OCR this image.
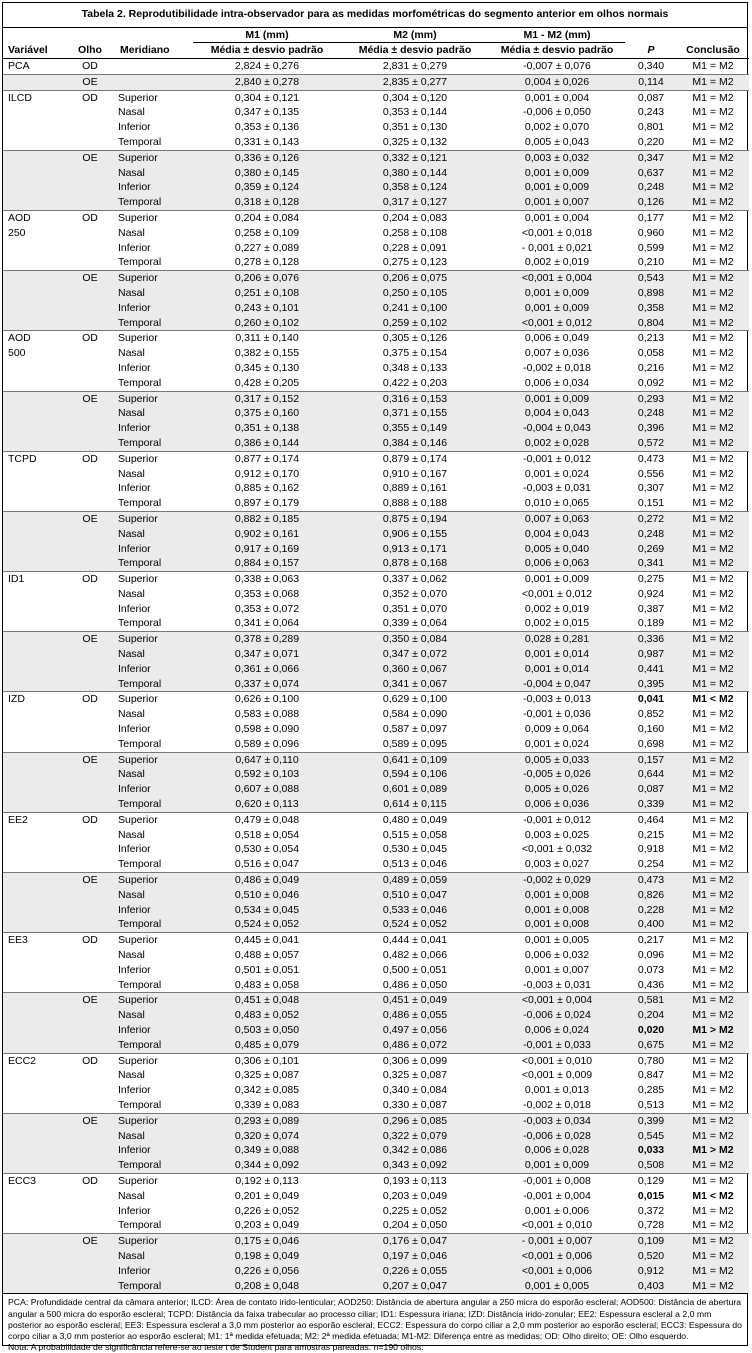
Tabela 2. Reprodutibilidade intra-observador para as medidas morfométricas do segmento anterior em olhos normais
			M1 (mm)	M2 (mm)	M1 - M2 (mm)		
Variável	Olho	Meridiano	Média ± desvio padrão	Média ± desvio padrão	Média ± desvio padrão	P	Conclusão
PCA	OD		2,824 ± 0,276	2,831 ± 0,279	-0,007 ± 0,076	0,340	M1 = M2
	OE		2,840 ± 0,278	2,835 ± 0,277	0,004 ± 0,026	0,114	M1 = M2
ILCD	OD	Superior	0,304 ± 0,121	0,304 ± 0,120	0,001 ± 0,004	0,087	M1 = M2
		Nasal	0,347 ± 0,135	0,353 ± 0,144	-0,006 ± 0,050	0,243	M1 = M2
		Inferior	0,353 ± 0,136	0,351 ± 0,130	0,002 ± 0,070	0,801	M1 = M2
		Temporal	0,331 ± 0,143	0,325 ± 0,132	0,005 ± 0,043	0,220	M1 = M2
	OE	Superior	0,336 ± 0,126	0,332 ± 0,121	0,003 ± 0,032	0,347	M1 = M2
		Nasal	0,380 ± 0,145	0,380 ± 0,144	0,001 ± 0,009	0,637	M1 = M2
		Inferior	0,359 ± 0,124	0,358 ± 0,124	0,001 ± 0,009	0,248	M1 = M2
		Temporal	0,318 ± 0,128	0,317 ± 0,127	0,001 ± 0,007	0,126	M1 = M2
AOD	OD	Superior	0,204 ± 0,084	0,204 ± 0,083	0,001 ± 0,004	0,177	M1 = M2
250		Nasal	0,258 ± 0,109	0,258 ± 0,108	<0,001 ± 0,018	0,960	M1 = M2
		Inferior	0,227 ± 0,089	0,228 ± 0,091	- 0,001 ± 0,021	0,599	M1 = M2
		Temporal	0,278 ± 0,128	0,275 ± 0,123	0,002 ± 0,019	0,210	M1 = M2
	OE	Superior	0,206 ± 0,076	0,206 ± 0,075	<0,001 ± 0,004	0,543	M1 = M2
		Nasal	0,251 ± 0,108	0,250 ± 0,105	0,001 ± 0,009	0,898	M1 = M2
		Inferior	0,243 ± 0,101	0,241 ± 0,100	0,001 ± 0,009	0,358	M1 = M2
		Temporal	0,260 ± 0,102	0,259 ± 0,102	<0,001 ± 0,012	0,804	M1 = M2
AOD	OD	Superior	0,311 ± 0,140	0,305 ± 0,126	0,006 ± 0,049	0,213	M1 = M2
500		Nasal	0,382 ± 0,155	0,375 ± 0,154	0,007 ± 0,036	0,058	M1 = M2
		Inferior	0,345 ± 0,130	0,348 ± 0,133	-0,002 ± 0,018	0,216	M1 = M2
		Temporal	0,428 ± 0,205	0,422 ± 0,203	0,006 ± 0,034	0,092	M1 = M2
	OE	Superior	0,317 ± 0,152	0,316 ± 0,153	0,001 ± 0,009	0,293	M1 = M2
		Nasal	0,375 ± 0,160	0,371 ± 0,155	0,004 ± 0,043	0,248	M1 = M2
		Inferior	0,351 ± 0,138	0,355 ± 0,149	-0,004 ± 0,043	0,396	M1 = M2
		Temporal	0,386 ± 0,144	0,384 ± 0,146	0,002 ± 0,028	0,572	M1 = M2
TCPD	OD	Superior	0,877 ± 0,174	0,879 ± 0,174	-0,001 ± 0,012	0,473	M1 = M2
		Nasal	0,912 ± 0,170	0,910 ± 0,167	0,001 ± 0,024	0,556	M1 = M2
		Inferior	0,885 ± 0,162	0,889 ± 0,161	-0,003 ± 0,031	0,307	M1 = M2
		Temporal	0,897 ± 0,179	0,888 ± 0,188	0,010 ± 0,065	0,151	M1 = M2
	OE	Superior	0,882 ± 0,185	0,875 ± 0,194	0,007 ± 0,063	0,272	M1 = M2
		Nasal	0,902 ± 0,161	0,906 ± 0,155	0,004 ± 0,043	0,248	M1 = M2
		Inferior	0,917 ± 0,169	0,913 ± 0,171	0,005 ± 0,040	0,269	M1 = M2
		Temporal	0,884 ± 0,157	0,878 ± 0,168	0,006 ± 0,063	0,341	M1 = M2
ID1	OD	Superior	0,338 ± 0,063	0,337 ± 0,062	0,001 ± 0,009	0,275	M1 = M2
		Nasal	0,353 ± 0,068	0,352 ± 0,070	<0,001 ± 0,012	0,924	M1 = M2
		Inferior	0,353 ± 0,072	0,351 ± 0,070	0,002 ± 0,019	0,387	M1 = M2
		Temporal	0,341 ± 0,064	0,339 ± 0,064	0,002 ± 0,015	0,189	M1 = M2
	OE	Superior	0,378 ± 0,289	0,350 ± 0,084	0,028 ± 0,281	0,336	M1 = M2
		Nasal	0,347 ± 0,071	0,347 ± 0,072	0,001 ± 0,014	0,987	M1 = M2
		Inferior	0,361 ± 0,066	0,360 ± 0,067	0,001 ± 0,014	0,441	M1 = M2
		Temporal	0,337 ± 0,074	0,341 ± 0,067	-0,004 ± 0,047	0,395	M1 = M2
IZD	OD	Superior	0,626 ± 0,100	0,629 ± 0,100	-0,003 ± 0,013	0,041	M1 < M2
		Nasal	0,583 ± 0,088	0,584 ± 0,090	-0,001 ± 0,036	0,852	M1 = M2
		Inferior	0,598 ± 0,090	0,587 ± 0,097	0,009 ± 0,064	0,160	M1 = M2
		Temporal	0,589 ± 0,096	0,589 ± 0,095	0,001 ± 0,024	0,698	M1 = M2
	OE	Superior	0,647 ± 0,110	0,641 ± 0,109	0,005 ± 0,033	0,157	M1 = M2
		Nasal	0,592 ± 0,103	0,594 ± 0,106	-0,005 ± 0,026	0,644	M1 = M2
		Inferior	0,607 ± 0,088	0,601 ± 0,089	0,005 ± 0,026	0,087	M1 = M2
		Temporal	0,620 ± 0,113	0,614 ± 0,115	0,006 ± 0,036	0,339	M1 = M2
EE2	OD	Superior	0,479 ± 0,048	0,480 ± 0,049	-0,001 ± 0,012	0,464	M1 = M2
		Nasal	0,518 ± 0,054	0,515 ± 0,058	0,003 ± 0,025	0,215	M1 = M2
		Inferior	0,530 ± 0,054	0,530 ± 0,045	<0,001 ± 0,032	0,918	M1 = M2
		Temporal	0,516 ± 0,047	0,513 ± 0,046	0,003 ± 0,027	0,254	M1 = M2
	OE	Superior	0,486 ± 0,049	0,489 ± 0,059	-0,002 ± 0,029	0,473	M1 = M2
		Nasal	0,510 ± 0,046	0,510 ± 0,047	0,001 ± 0,008	0,826	M1 = M2
		Inferior	0,534 ± 0,045	0,533 ± 0,046	0,001 ± 0,008	0,228	M1 = M2
		Temporal	0,524 ± 0,052	0,524 ± 0,052	0,001 ± 0,008	0,400	M1 = M2
EE3	OD	Superior	0,445 ± 0,041	0,444 ± 0,041	0,001 ± 0,005	0,217	M1 = M2
		Nasal	0,488 ± 0,057	0,482 ± 0,066	0,006 ± 0,032	0,096	M1 = M2
		Inferior	0,501 ± 0,051	0,500 ± 0,051	0,001 ± 0,007	0,073	M1 = M2
		Temporal	0,483 ± 0,058	0,486 ± 0,050	-0,003 ± 0,031	0,436	M1 = M2
	OE	Superior	0,451 ± 0,048	0,451 ± 0,049	<0,001 ± 0,004	0,581	M1 = M2
		Nasal	0,483 ± 0,052	0,486 ± 0,055	-0,006 ± 0,024	0,204	M1 = M2
		Inferior	0,503 ± 0,050	0,497 ± 0,056	0,006 ± 0,024	0,020	M1 > M2
		Temporal	0,485 ± 0,079	0,486 ± 0,072	-0,001 ± 0,033	0,675	M1 = M2
ECC2	OD	Superior	0,306 ± 0,101	0,306 ± 0,099	<0,001 ± 0,010	0,780	M1 = M2
		Nasal	0,325 ± 0,087	0,325 ± 0,087	<0,001 ± 0,009	0,847	M1 = M2
		Inferior	0,342 ± 0,085	0,340 ± 0,084	0,001 ± 0,013	0,285	M1 = M2
		Temporal	0,339 ± 0,083	0,330 ± 0,087	-0,002 ± 0,018	0,513	M1 = M2
	OE	Superior	0,293 ± 0,089	0,296 ± 0,085	-0,003 ± 0,034	0,399	M1 = M2
		Nasal	0,320 ± 0,074	0,322 ± 0,079	-0,006 ± 0,028	0,545	M1 = M2
		Inferior	0,349 ± 0,088	0,342 ± 0,086	0,006 ± 0,028	0,033	M1 > M2
		Temporal	0,344 ± 0,092	0,343 ± 0,092	0,001 ± 0,009	0,508	M1 = M2
ECC3	OD	Superior	0,192 ± 0,113	0,193 ± 0,113	-0,001 ± 0,008	0,129	M1 = M2
		Nasal	0,201 ± 0,049	0,203 ± 0,049	-0,001 ± 0,004	0,015	M1 < M2
		Inferior	0,226 ± 0,052	0,225 ± 0,052	0,001 ± 0,006	0,372	M1 = M2
		Temporal	0,203 ± 0,049	0,204 ± 0,050	<0,001 ± 0,010	0,728	M1 = M2
	OE	Superior	0,175 ± 0,046	0,176 ± 0,047	- 0,001 ± 0,007	0,109	M1 = M2
		Nasal	0,198 ± 0,049	0,197 ± 0,046	<0,001 ± 0,006	0,520	M1 = M2
		Inferior	0,226 ± 0,056	0,226 ± 0,055	<0,001 ± 0,006	0,912	M1 = M2
		Temporal	0,208 ± 0,048	0,207 ± 0,047	0,001 ± 0,005	0,403	M1 = M2

PCA: Profundidade central da câmara anterior; ILCD: Área de contato irido-lenticular; AOD250: Distância de abertura angular a 250 micra do esporão escleral; AOD500: Distância de abertura angular a 500 micra do esporão escleral; TCPD: Distância da faixa trabecular ao processo ciliar; ID1: Espessura iriana; IZD: Distância irido-zonular; EE2: Espessura escleral a 2,0 mm posterior ao esporão escleral; EE3: Espessura escleral a 3,0 mm posterior ao esporão escleral; ECC2: Espessura do corpo ciliar a 2,0 mm posterior ao esporão escleral; ECC3: Espessura do corpo ciliar a 3,0 mm posterior ao esporão escleral; M1: 1ª medida efetuada; M2: 2ª medida efetuada; M1-M2: Diferença entre as medidas; OD: Olho direito; OE: Olho esquerdo.

Nota: A probabilidade de significância refere-se ao teste t de Student para amostras pareadas. n=190 olhos.
